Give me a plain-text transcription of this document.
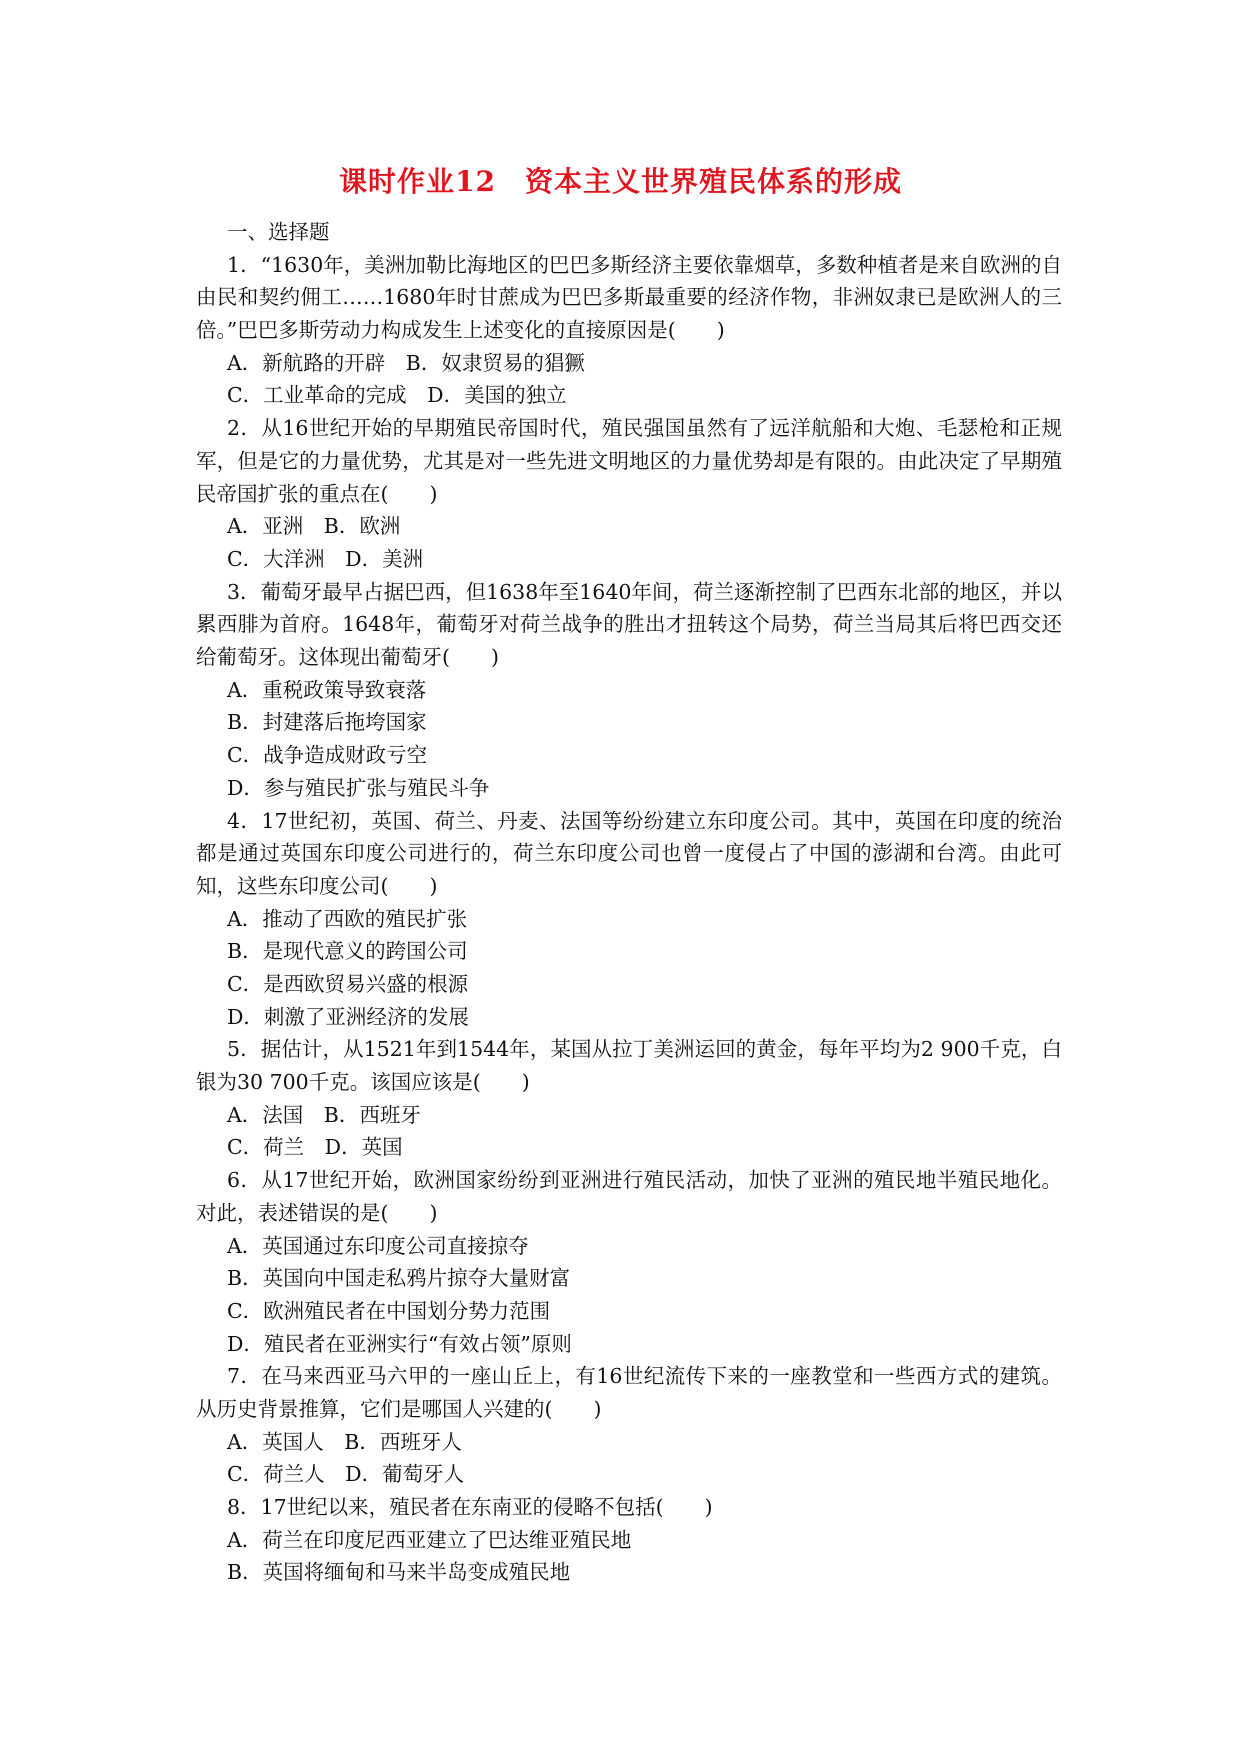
课时作业12　资本主义世界殖民体系的形成
一、选择题
1．“1630年，美洲加勒比海地区的巴巴多斯经济主要依靠烟草，多数种植者是来自欧洲的自由民和契约佣工……1680年时甘蔗成为巴巴多斯最重要的经济作物，非洲奴隶已是欧洲人的三倍。”巴巴多斯劳动力构成发生上述变化的直接原因是(　　)
A．新航路的开辟　B．奴隶贸易的猖獗
C．工业革命的完成　D．美国的独立
2．从16世纪开始的早期殖民帝国时代，殖民强国虽然有了远洋航船和大炮、毛瑟枪和正规军，但是它的力量优势，尤其是对一些先进文明地区的力量优势却是有限的。由此决定了早期殖民帝国扩张的重点在(　　)
A．亚洲　B．欧洲
C．大洋洲　D．美洲
3．葡萄牙最早占据巴西，但1638年至1640年间，荷兰逐渐控制了巴西东北部的地区，并以累西腓为首府。1648年，葡萄牙对荷兰战争的胜出才扭转这个局势，荷兰当局其后将巴西交还给葡萄牙。这体现出葡萄牙(　　)
A．重税政策导致衰落
B．封建落后拖垮国家
C．战争造成财政亏空
D．参与殖民扩张与殖民斗争
4．17世纪初，英国、荷兰、丹麦、法国等纷纷建立东印度公司。其中，英国在印度的统治都是通过英国东印度公司进行的，荷兰东印度公司也曾一度侵占了中国的澎湖和台湾。由此可知，这些东印度公司(　　)
A．推动了西欧的殖民扩张
B．是现代意义的跨国公司
C．是西欧贸易兴盛的根源
D．刺激了亚洲经济的发展
5．据估计，从1521年到1544年，某国从拉丁美洲运回的黄金，每年平均为2 900千克，白银为30 700千克。该国应该是(　　)
A．法国　B．西班牙
C．荷兰　D．英国
6．从17世纪开始，欧洲国家纷纷到亚洲进行殖民活动，加快了亚洲的殖民地半殖民地化。对此，表述错误的是(　　)
A．英国通过东印度公司直接掠夺
B．英国向中国走私鸦片掠夺大量财富
C．欧洲殖民者在中国划分势力范围
D．殖民者在亚洲实行“有效占领”原则
7．在马来西亚马六甲的一座山丘上，有16世纪流传下来的一座教堂和一些西方式的建筑。从历史背景推算，它们是哪国人兴建的(　　)
A．英国人　B．西班牙人
C．荷兰人　D．葡萄牙人
8．17世纪以来，殖民者在东南亚的侵略不包括(　　)
A．荷兰在印度尼西亚建立了巴达维亚殖民地
B．英国将缅甸和马来半岛变成殖民地
